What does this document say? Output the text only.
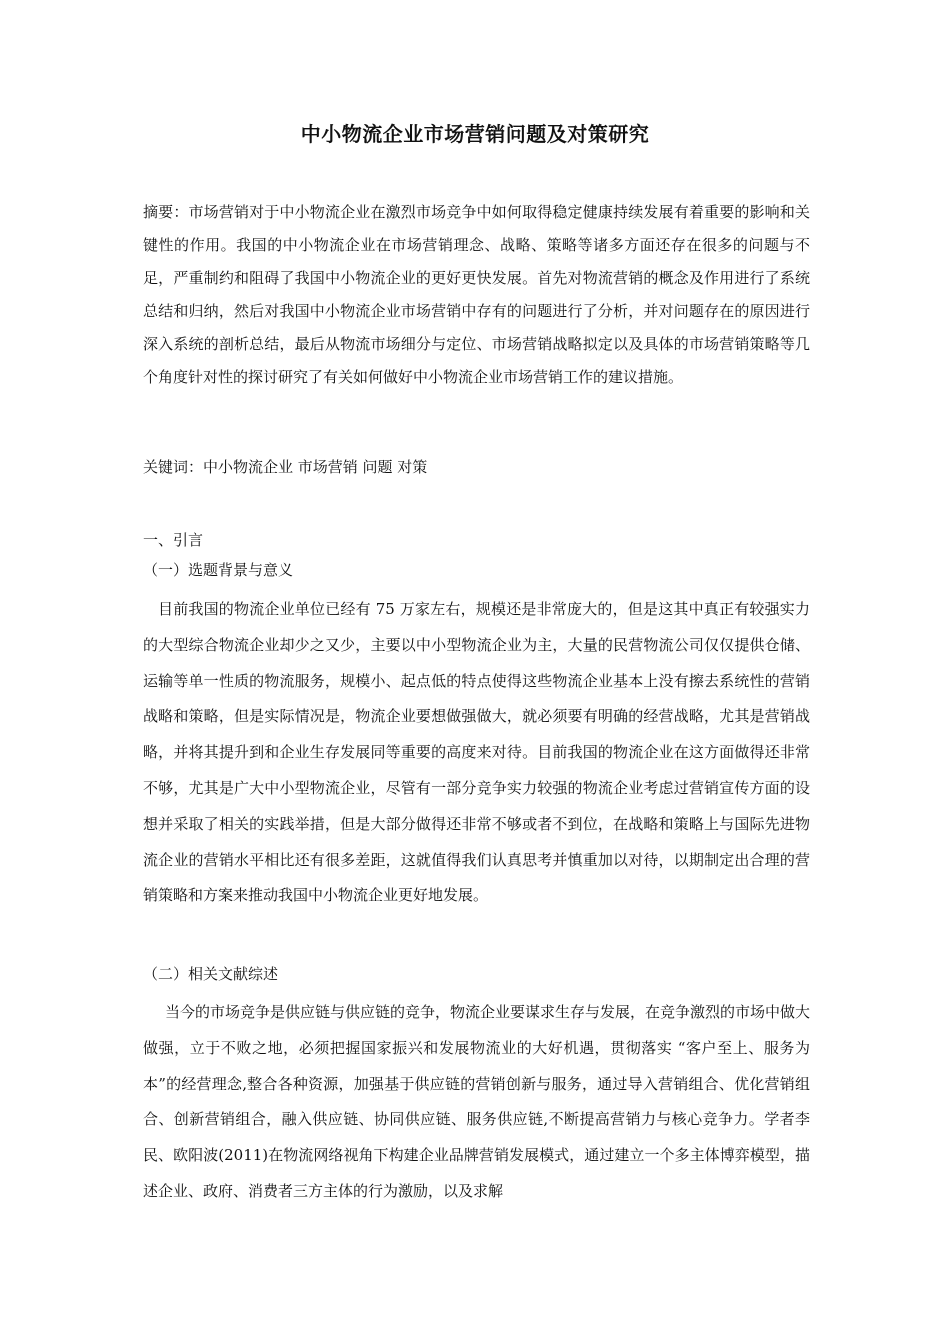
中小物流企业市场营销问题及对策研究
摘要：市场营销对于中小物流企业在激烈市场竞争中如何取得稳定健康持续发展有着重要的影响和关键性的作用。我国的中小物流企业在市场营销理念、战略、策略等诸多方面还存在很多的问题与不足，严重制约和阻碍了我国中小物流企业的更好更快发展。首先对物流营销的概念及作用进行了系统总结和归纳，然后对我国中小物流企业市场营销中存有的问题进行了分析，并对问题存在的原因进行深入系统的剖析总结，最后从物流市场细分与定位、市场营销战略拟定以及具体的市场营销策略等几个角度针对性的探讨研究了有关如何做好中小物流企业市场营销工作的建议措施。
关键词：中小物流企业 市场营销 问题 对策
一、引言
（一）选题背景与意义
目前我国的物流企业单位已经有 75 万家左右，规模还是非常庞大的，但是这其中真正有较强实力的大型综合物流企业却少之又少，主要以中小型物流企业为主，大量的民营物流公司仅仅提供仓储、运输等单一性质的物流服务，规模小、起点低的特点使得这些物流企业基本上没有擦去系统性的营销战略和策略，但是实际情况是，物流企业要想做强做大，就必须要有明确的经营战略，尤其是营销战略，并将其提升到和企业生存发展同等重要的高度来对待。目前我国的物流企业在这方面做得还非常不够，尤其是广大中小型物流企业，尽管有一部分竞争实力较强的物流企业考虑过营销宣传方面的设想并采取了相关的实践举措，但是大部分做得还非常不够或者不到位，在战略和策略上与国际先进物流企业的营销水平相比还有很多差距，这就值得我们认真思考并慎重加以对待，以期制定出合理的营销策略和方案来推动我国中小物流企业更好地发展。
（二）相关文献综述
当今的市场竞争是供应链与供应链的竞争，物流企业要谋求生存与发展，在竞争激烈的市场中做大做强，立于不败之地，必须把握国家振兴和发展物流业的大好机遇，贯彻落实 “客户至上、服务为本”的经营理念,整合各种资源，加强基于供应链的营销创新与服务，通过导入营销组合、优化营销组合、创新营销组合，融入供应链、协同供应链、服务供应链,不断提高营销力与核心竞争力。学者李民、欧阳波(2011)在物流网络视角下构建企业品牌营销发展模式，通过建立一个多主体博弈模型，描述企业、政府、消费者三方主体的行为激励，以及求解
